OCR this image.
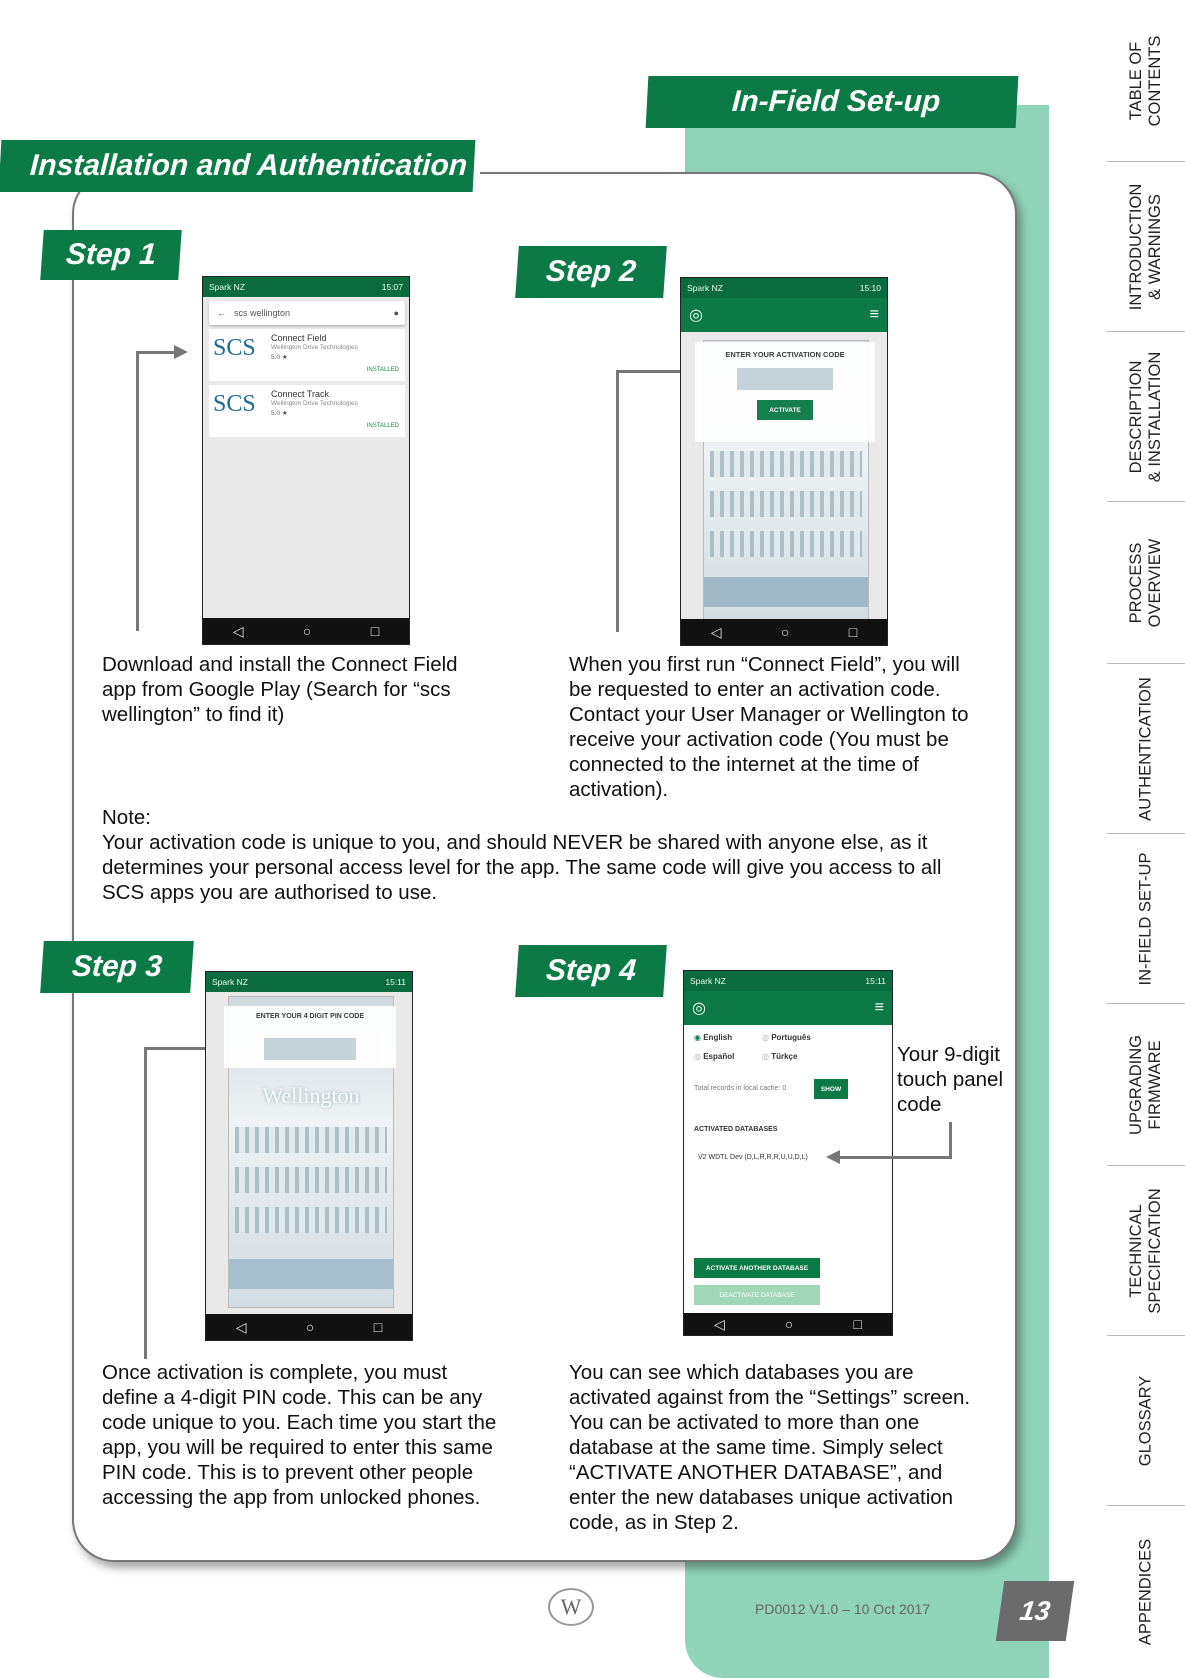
In-Field Set-up
Installation and Authentication
Step 1
Spark NZ	15:07
← scs wellington	●
SCS Connect Field
Wellington Drive Technologies
5.0 ★
INSTALLED
SCS Connect Track
Wellington Drive Technologies
5.0 ★
INSTALLED
◁	○	□
Download and install the Connect Field app from Google Play (Search for “scs wellington” to find it)
Step 2	Spark NZ	15:10
◎	≡
ENTER YOUR ACTIVATION CODE
ACTIVATE
◁	○	□
When you first run “Connect Field”, you will be requested to enter an activation code. Contact your User Manager or Wellington to receive your activation code (You must be connected to the internet at the time of activation).
Note:
Your activation code is unique to you, and should NEVER be shared with anyone else, as it determines your personal access level for the app. The same code will give you access to all SCS apps you are authorised to use.
Step 3	Spark NZ	15:11
Wellington
ENTER YOUR 4 DIGIT PIN CODE
◁	○	□
Once activation is complete, you must define a 4-digit PIN code. This can be any code unique to you. Each time you start the app, you will be required to enter this same PIN code. This is to prevent other people accessing the app from unlocked phones.
Step 4	Spark NZ	15:11
◎	≡
◉ English	◎ Português
◎ Español	◎ Türkçe
Total records in local cache: 0	SHOW
ACTIVATED DATABASES
V2 WDTL Dev (D,L,R,R,R,U,U,D,L)
ACTIVATE ANOTHER DATABASE
DEACTIVATE DATABASE
◁	○	□
Your 9-digit touch panel code
You can see which databases you are activated against from the “Settings” screen. You can be activated to more than one database at the same time. Simply select “ACTIVATE ANOTHER DATABASE”, and enter the new databases unique activation code, as in Step 2.
W	PD0012 V1.0 – 10 Oct 2017	13
TABLE OF
CONTENTS
INTRODUCTION
& WARNINGS
DESCRIPTION
& INSTALLATION
PROCESS
OVERVIEW
AUTHENTICATION
IN-FIELD SET-UP
UPGRADING
FIRMWARE
TECHNICAL
SPECIFICATION
GLOSSARY
APPENDICES
